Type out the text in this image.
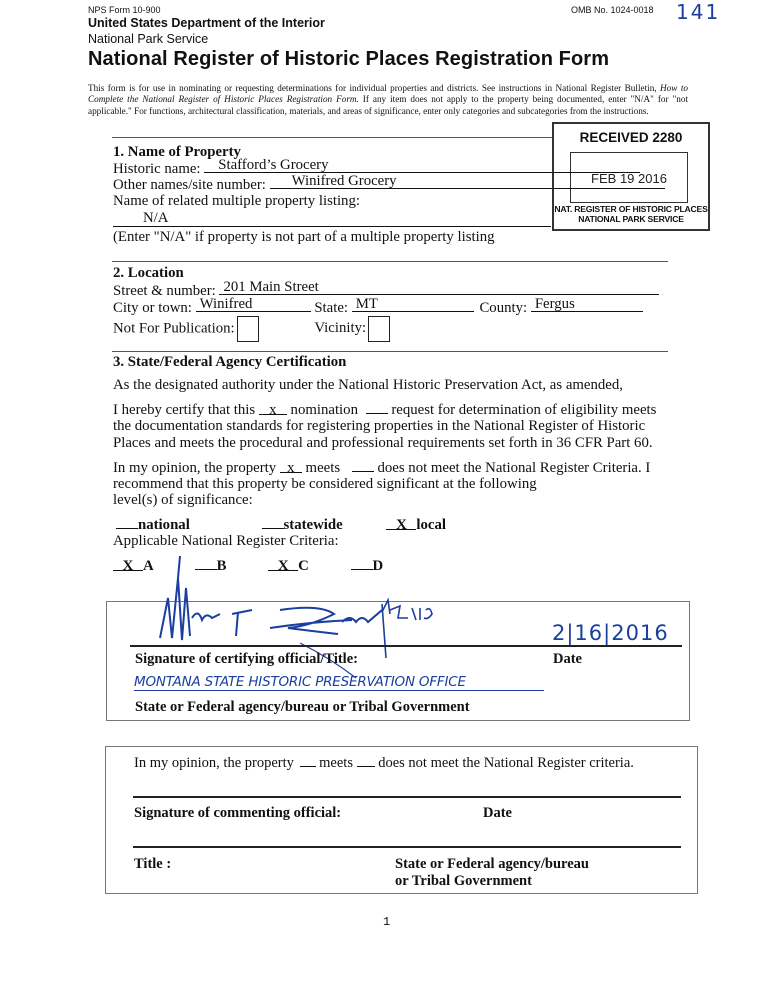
NPS Form 10-900	OMB No. 1024-0018 141
United States Department of the Interior
National Park Service
National Register of Historic Places Registration Form
This form is for use in nominating or requesting determinations for individual properties and districts. See instructions in National Register Bulletin, How to Complete the National Register of Historic Places Registration Form. If any item does not apply to the property being documented, enter "N/A" for "not applicable." For functions, architectural classification, materials, and areas of significance, enter only categories and subcategories from the instructions.
RECEIVED 2280
FEB 19 2016
NAT. REGISTER OF HISTORIC PLACES
NATIONAL PARK SERVICE
1. Name of Property
Historic name: Stafford’s Grocery
Other names/site number: Winifred Grocery
Name of related multiple property listing:
N/A
(Enter "N/A" if property is not part of a multiple property listing
2. Location
Street & number: 201 Main Street
City or town: Winifred	State: MT	County: Fergus
Not For Publication:	Vicinity:
3. State/Federal Agency Certification
As the designated authority under the National Historic Preservation Act, as amended,
I hereby certify that this x nomination  request for determination of eligibility meets
the documentation standards for registering properties in the National Register of Historic
Places and meets the procedural and professional requirements set forth in 36 CFR Part 60.
In my opinion, the property x meets  does not meet the National Register Criteria. I
recommend that this property be considered significant at the following
level(s) of significance:
national	statewide	X local
Applicable National Register Criteria:
X A	B	X C	D
2|16|2016
Signature of certifying official/Title:	Date
MONTANA STATE HISTORIC PRESERVATION OFFICE
State or Federal agency/bureau or Tribal Government
In my opinion, the property  meets  does not meet the National Register criteria.
Signature of commenting official:	Date
Title :	State or Federal agency/bureau
or Tribal Government
1
